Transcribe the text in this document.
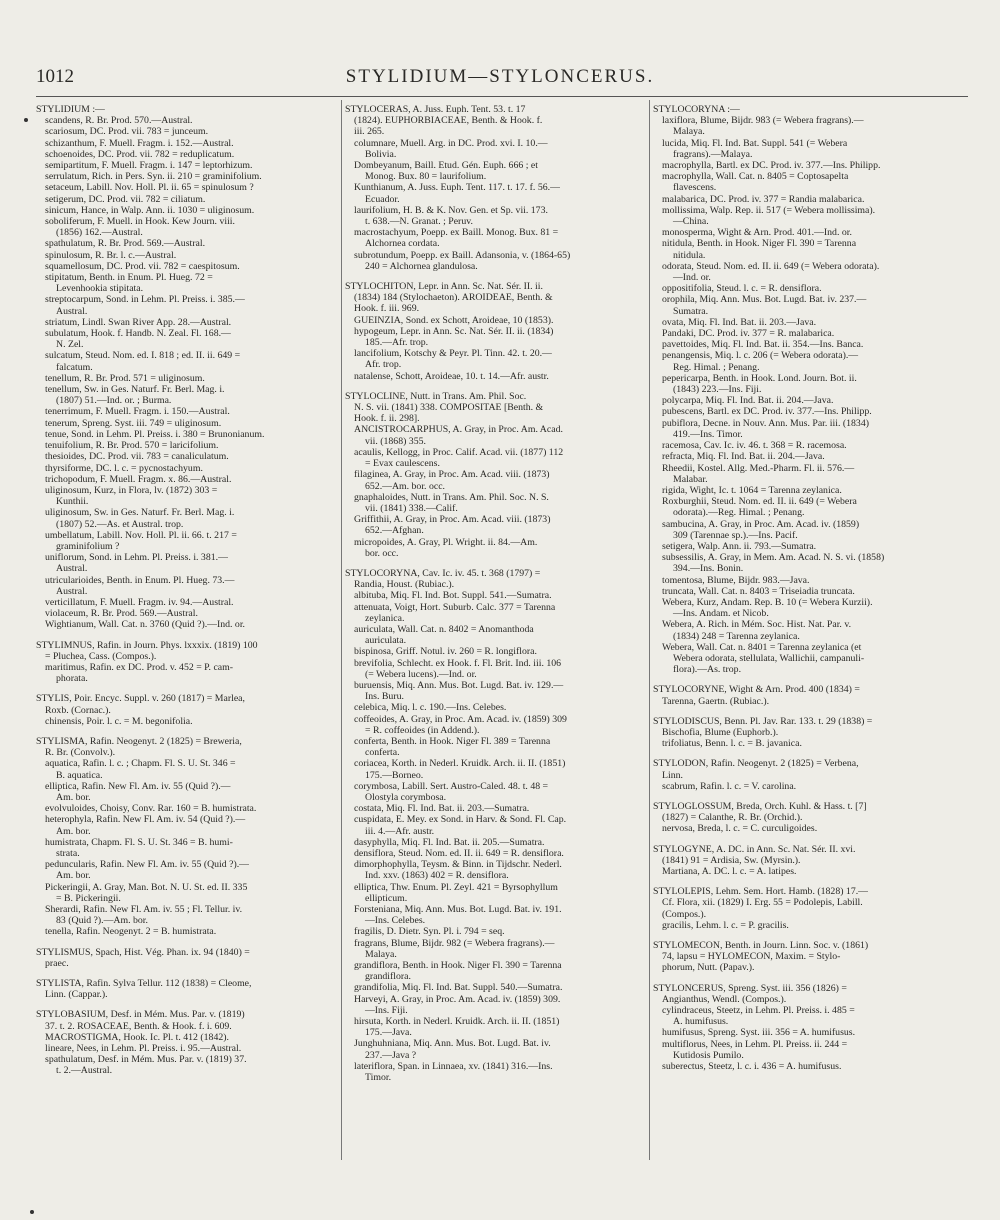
1012	STYLIDIUM—STYLONCERUS.
STYLIDIUM :—
scandens, R. Br. Prod. 570.—Austral.
scariosum, DC. Prod. vii. 783 = junceum.
schizanthum, F. Muell. Fragm. i. 152.—Austral.
schoenoides, DC. Prod. vii. 782 = reduplicatum.
semipartitum, F. Muell. Fragm. i. 147 = leptorhizum.
serrulatum, Rich. in Pers. Syn. ii. 210 = graminifolium.
setaceum, Labill. Nov. Holl. Pl. ii. 65 = spinulosum ?
setigerum, DC. Prod. vii. 782 = ciliatum.
sinicum, Hance, in Walp. Ann. ii. 1030 = uliginosum.
soboliferum, F. Muell. in Hook. Kew Journ. viii.
(1856) 162.—Austral.
spathulatum, R. Br. Prod. 569.—Austral.
spinulosum, R. Br. l. c.—Austral.
squamellosum, DC. Prod. vii. 782 = caespitosum.
stipitatum, Benth. in Enum. Pl. Hueg. 72 =
Levenhookia stipitata.
streptocarpum, Sond. in Lehm. Pl. Preiss. i. 385.—
Austral.
striatum, Lindl. Swan River App. 28.—Austral.
subulatum, Hook. f. Handb. N. Zeal. Fl. 168.—
N. Zel.
sulcatum, Steud. Nom. ed. I. 818 ; ed. II. ii. 649 =
falcatum.
tenellum, R. Br. Prod. 571 = uliginosum.
tenellum, Sw. in Ges. Naturf. Fr. Berl. Mag. i.
(1807) 51.—Ind. or. ; Burma.
tenerrimum, F. Muell. Fragm. i. 150.—Austral.
tenerum, Spreng. Syst. iii. 749 = uliginosum.
tenue, Sond. in Lehm. Pl. Preiss. i. 380 = Brunonianum.
tenuifolium, R. Br. Prod. 570 = laricifolium.
thesioides, DC. Prod. vii. 783 = canaliculatum.
thyrsiforme, DC. l. c. = pycnostachyum.
trichopodum, F. Muell. Fragm. x. 86.—Austral.
uliginosum, Kurz, in Flora, lv. (1872) 303 =
Kunthii.
uliginosum, Sw. in Ges. Naturf. Fr. Berl. Mag. i.
(1807) 52.—As. et Austral. trop.
umbellatum, Labill. Nov. Holl. Pl. ii. 66. t. 217 =
graminifolium ?
uniflorum, Sond. in Lehm. Pl. Preiss. i. 381.—
Austral.
utricularioides, Benth. in Enum. Pl. Hueg. 73.—
Austral.
verticillatum, F. Muell. Fragm. iv. 94.—Austral.
violaceum, R. Br. Prod. 569.—Austral.
Wightianum, Wall. Cat. n. 3760 (Quid ?).—Ind. or.
STYLIMNUS, Rafin. in Journ. Phys. lxxxix. (1819) 100
= Pluchea, Cass. (Compos.).
maritimus, Rafin. ex DC. Prod. v. 452 = P. cam-
phorata.
STYLIS, Poir. Encyc. Suppl. v. 260 (1817) = Marlea,
Roxb. (Cornac.).
chinensis, Poir. l. c. = M. begonifolia.
STYLISMA, Rafin. Neogenyt. 2 (1825) = Breweria,
R. Br. (Convolv.).
aquatica, Rafin. l. c. ; Chapm. Fl. S. U. St. 346 =
B. aquatica.
elliptica, Rafin. New Fl. Am. iv. 55 (Quid ?).—
Am. bor.
evolvuloides, Choisy, Conv. Rar. 160 = B. humistrata.
heterophyla, Rafin. New Fl. Am. iv. 54 (Quid ?).—
Am. bor.
humistrata, Chapm. Fl. S. U. St. 346 = B. humi-
strata.
peduncularis, Rafin. New Fl. Am. iv. 55 (Quid ?).—
Am. bor.
Pickeringii, A. Gray, Man. Bot. N. U. St. ed. II. 335
= B. Pickeringii.
Sherardi, Rafin. New Fl. Am. iv. 55 ; Fl. Tellur. iv.
83 (Quid ?).—Am. bor.
tenella, Rafin. Neogenyt. 2 = B. humistrata.
STYLISMUS, Spach, Hist. Vég. Phan. ix. 94 (1840) =
praec.
STYLISTA, Rafin. Sylva Tellur. 112 (1838) = Cleome,
Linn. (Cappar.).
STYLOBASIUM, Desf. in Mém. Mus. Par. v. (1819)
37. t. 2. ROSACEAE, Benth. & Hook. f. i. 609.
MACROSTIGMA, Hook. Ic. Pl. t. 412 (1842).
lineare, Nees, in Lehm. Pl. Preiss. i. 95.—Austral.
spathulatum, Desf. in Mém. Mus. Par. v. (1819) 37.
t. 2.—Austral.
STYLOCERAS, A. Juss. Euph. Tent. 53. t. 17
(1824). EUPHORBIACEAE, Benth. & Hook. f.
iii. 265.
columnare, Muell. Arg. in DC. Prod. xvi. I. 10.—
Bolivia.
Dombeyanum, Baill. Etud. Gén. Euph. 666 ; et
Monog. Bux. 80 = laurifolium.
Kunthianum, A. Juss. Euph. Tent. 117. t. 17. f. 56.—
Ecuador.
laurifolium, H. B. & K. Nov. Gen. et Sp. vii. 173.
t. 638.—N. Granat. ; Peruv.
macrostachyum, Poepp. ex Baill. Monog. Bux. 81 =
Alchornea cordata.
subrotundum, Poepp. ex Baill. Adansonia, v. (1864-65)
240 = Alchornea glandulosa.
STYLOCHITON, Lepr. in Ann. Sc. Nat. Sér. II. ii.
(1834) 184 (Stylochaeton). AROIDEAE, Benth. &
Hook. f. iii. 969.
GUEINZIA, Sond. ex Schott, Aroideae, 10 (1853).
hypogeum, Lepr. in Ann. Sc. Nat. Sér. II. ii. (1834)
185.—Afr. trop.
lancifolium, Kotschy & Peyr. Pl. Tinn. 42. t. 20.—
Afr. trop.
natalense, Schott, Aroideae, 10. t. 14.—Afr. austr.
STYLOCLINE, Nutt. in Trans. Am. Phil. Soc.
N. S. vii. (1841) 338. COMPOSITAE [Benth. &
Hook. f. ii. 298].
ANCISTROCARPHUS, A. Gray, in Proc. Am. Acad.
vii. (1868) 355.
acaulis, Kellogg, in Proc. Calif. Acad. vii. (1877) 112
= Evax caulescens.
filaginea, A. Gray, in Proc. Am. Acad. viii. (1873)
652.—Am. bor. occ.
gnaphaloides, Nutt. in Trans. Am. Phil. Soc. N. S.
vii. (1841) 338.—Calif.
Griffithii, A. Gray, in Proc. Am. Acad. viii. (1873)
652.—Afghan.
micropoides, A. Gray, Pl. Wright. ii. 84.—Am.
bor. occ.
STYLOCORYNA, Cav. Ic. iv. 45. t. 368 (1797) =
Randia, Houst. (Rubiac.).
albituba, Miq. Fl. Ind. Bot. Suppl. 541.—Sumatra.
attenuata, Voigt, Hort. Suburb. Calc. 377 = Tarenna
zeylanica.
auriculata, Wall. Cat. n. 8402 = Anomanthoda
auriculata.
bispinosa, Griff. Notul. iv. 260 = R. longiflora.
brevifolia, Schlecht. ex Hook. f. Fl. Brit. Ind. iii. 106
(= Webera lucens).—Ind. or.
buruensis, Miq. Ann. Mus. Bot. Lugd. Bat. iv. 129.—
Ins. Buru.
celebica, Miq. l. c. 190.—Ins. Celebes.
coffeoides, A. Gray, in Proc. Am. Acad. iv. (1859) 309
= R. coffeoides (in Addend.).
conferta, Benth. in Hook. Niger Fl. 389 = Tarenna
conferta.
coriacea, Korth. in Nederl. Kruidk. Arch. ii. II. (1851)
175.—Borneo.
corymbosa, Labill. Sert. Austro-Caled. 48. t. 48 =
Olostyla corymbosa.
costata, Miq. Fl. Ind. Bat. ii. 203.—Sumatra.
cuspidata, E. Mey. ex Sond. in Harv. & Sond. Fl. Cap.
iii. 4.—Afr. austr.
dasyphylla, Miq. Fl. Ind. Bat. ii. 205.—Sumatra.
densiflora, Steud. Nom. ed. II. ii. 649 = R. densiflora.
dimorphophylla, Teysm. & Binn. in Tijdschr. Nederl.
Ind. xxv. (1863) 402 = R. densiflora.
elliptica, Thw. Enum. Pl. Zeyl. 421 = Byrsophyllum
ellipticum.
Forsteniana, Miq. Ann. Mus. Bot. Lugd. Bat. iv. 191.
—Ins. Celebes.
fragilis, D. Dietr. Syn. Pl. i. 794 = seq.
fragrans, Blume, Bijdr. 982 (= Webera fragrans).—
Malaya.
grandiflora, Benth. in Hook. Niger Fl. 390 = Tarenna
grandiflora.
grandifolia, Miq. Fl. Ind. Bat. Suppl. 540.—Sumatra.
Harveyi, A. Gray, in Proc. Am. Acad. iv. (1859) 309.
—Ins. Fiji.
hirsuta, Korth. in Nederl. Kruidk. Arch. ii. II. (1851)
175.—Java.
Junghuhniana, Miq. Ann. Mus. Bot. Lugd. Bat. iv.
237.—Java ?
lateriflora, Span. in Linnaea, xv. (1841) 316.—Ins.
Timor.
STYLOCORYNA :—
laxiflora, Blume, Bijdr. 983 (= Webera fragrans).—
Malaya.
lucida, Miq. Fl. Ind. Bat. Suppl. 541 (= Webera
fragrans).—Malaya.
macrophylla, Bartl. ex DC. Prod. iv. 377.—Ins. Philipp.
macrophylla, Wall. Cat. n. 8405 = Coptosapelta
flavescens.
malabarica, DC. Prod. iv. 377 = Randia malabarica.
mollissima, Walp. Rep. ii. 517 (= Webera mollissima).
—China.
monosperma, Wight & Arn. Prod. 401.—Ind. or.
nitidula, Benth. in Hook. Niger Fl. 390 = Tarenna
nitidula.
odorata, Steud. Nom. ed. II. ii. 649 (= Webera odorata).
—Ind. or.
oppositifolia, Steud. l. c. = R. densiflora.
orophila, Miq. Ann. Mus. Bot. Lugd. Bat. iv. 237.—
Sumatra.
ovata, Miq. Fl. Ind. Bat. ii. 203.—Java.
Pandaki, DC. Prod. iv. 377 = R. malabarica.
pavettoides, Miq. Fl. Ind. Bat. ii. 354.—Ins. Banca.
penangensis, Miq. l. c. 206 (= Webera odorata).—
Reg. Himal. ; Penang.
pepericarpa, Benth. in Hook. Lond. Journ. Bot. ii.
(1843) 223.—Ins. Fiji.
polycarpa, Miq. Fl. Ind. Bat. ii. 204.—Java.
pubescens, Bartl. ex DC. Prod. iv. 377.—Ins. Philipp.
pubiflora, Decne. in Nouv. Ann. Mus. Par. iii. (1834)
419.—Ins. Timor.
racemosa, Cav. Ic. iv. 46. t. 368 = R. racemosa.
refracta, Miq. Fl. Ind. Bat. ii. 204.—Java.
Rheedii, Kostel. Allg. Med.-Pharm. Fl. ii. 576.—
Malabar.
rigida, Wight, Ic. t. 1064 = Tarenna zeylanica.
Roxburghii, Steud. Nom. ed. II. ii. 649 (= Webera
odorata).—Reg. Himal. ; Penang.
sambucina, A. Gray, in Proc. Am. Acad. iv. (1859)
309 (Tarennae sp.).—Ins. Pacif.
setigera, Walp. Ann. ii. 793.—Sumatra.
subsessilis, A. Gray, in Mem. Am. Acad. N. S. vi. (1858)
394.—Ins. Bonin.
tomentosa, Blume, Bijdr. 983.—Java.
truncata, Wall. Cat. n. 8403 = Triseiadia truncata.
Webera, Kurz, Andam. Rep. B. 10 (= Webera Kurzii).
—Ins. Andam. et Nicob.
Webera, A. Rich. in Mém. Soc. Hist. Nat. Par. v.
(1834) 248 = Tarenna zeylanica.
Webera, Wall. Cat. n. 8401 = Tarenna zeylanica (et
Webera odorata, stellulata, Wallichii, campanuli-
flora).—As. trop.
STYLOCORYNE, Wight & Arn. Prod. 400 (1834) =
Tarenna, Gaertn. (Rubiac.).
STYLODISCUS, Benn. Pl. Jav. Rar. 133. t. 29 (1838) =
Bischofia, Blume (Euphorb.).
trifoliatus, Benn. l. c. = B. javanica.
STYLODON, Rafin. Neogenyt. 2 (1825) = Verbena,
Linn.
scabrum, Rafin. l. c. = V. carolina.
STYLOGLOSSUM, Breda, Orch. Kuhl. & Hass. t. [7]
(1827) = Calanthe, R. Br. (Orchid.).
nervosa, Breda, l. c. = C. curculigoides.
STYLOGYNE, A. DC. in Ann. Sc. Nat. Sér. II. xvi.
(1841) 91 = Ardisia, Sw. (Myrsin.).
Martiana, A. DC. l. c. = A. latipes.
STYLOLEPIS, Lehm. Sem. Hort. Hamb. (1828) 17.—
Cf. Flora, xii. (1829) I. Erg. 55 = Podolepis, Labill.
(Compos.).
gracilis, Lehm. l. c. = P. gracilis.
STYLOMECON, Benth. in Journ. Linn. Soc. v. (1861)
74, lapsu = HYLOMECON, Maxim. = Stylo-
phorum, Nutt. (Papav.).
STYLONCERUS, Spreng. Syst. iii. 356 (1826) =
Angianthus, Wendl. (Compos.).
cylindraceus, Steetz, in Lehm. Pl. Preiss. i. 485 =
A. humifusus.
humifusus, Spreng. Syst. iii. 356 = A. humifusus.
multiflorus, Nees, in Lehm. Pl. Preiss. ii. 244 =
Kutidosis Pumilo.
suberectus, Steetz, l. c. i. 436 = A. humifusus.
